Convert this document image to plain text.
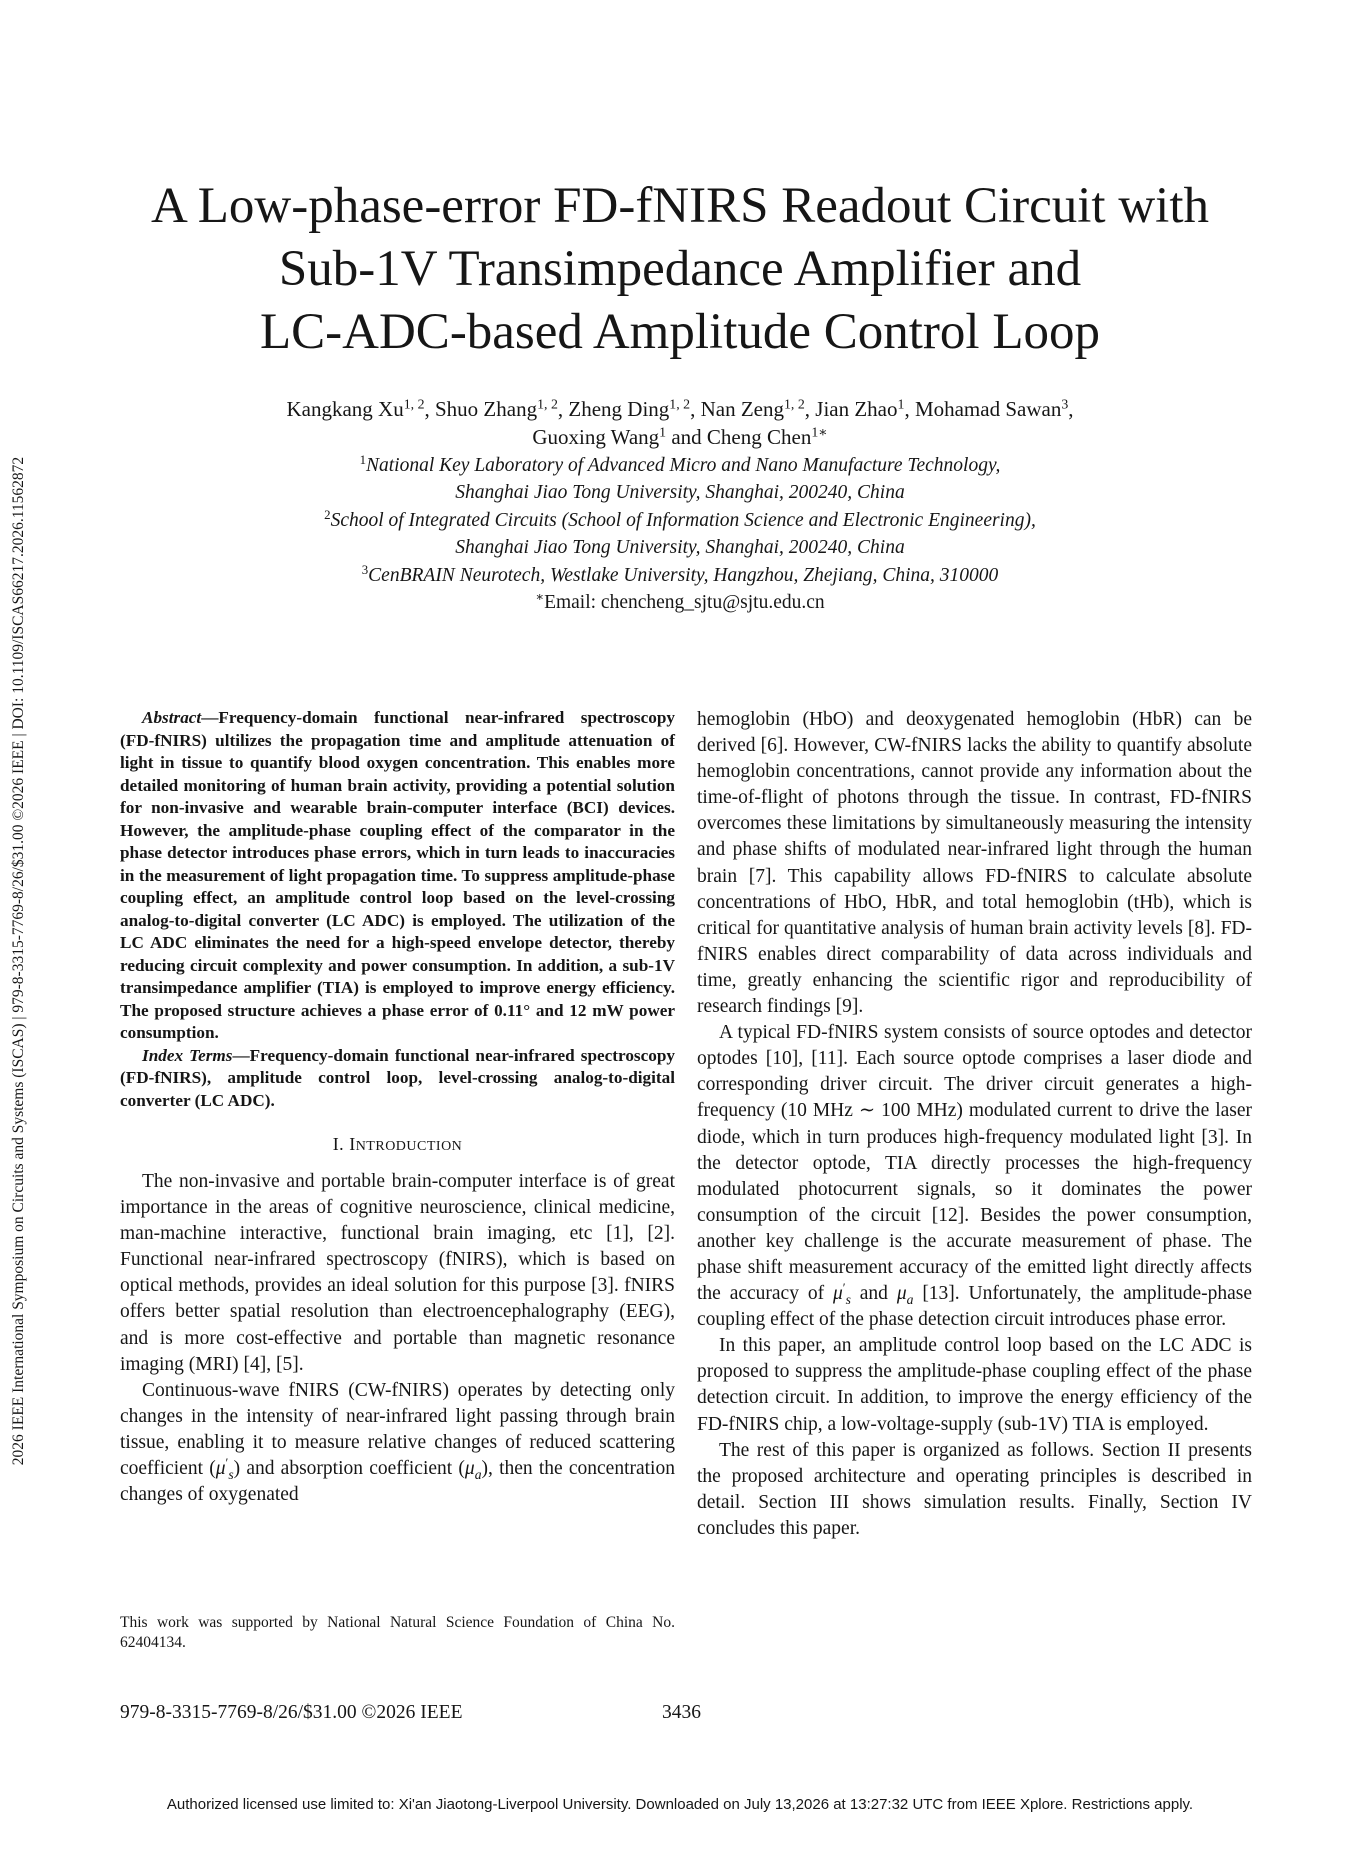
2026 IEEE International Symposium on Circuits and Systems (ISCAS) | 979-8-3315-7769-8/26/$31.00 ©2026 IEEE | DOI: 10.1109/ISCAS66217.2026.11562872
A Low-phase-error FD-fNIRS Readout Circuit with
Sub-1V Transimpedance Amplifier and
LC-ADC-based Amplitude Control Loop
Kangkang Xu$^{1, 2}$, Shuo Zhang$^{1, 2}$, Zheng Ding$^{1, 2}$, Nan Zeng$^{1, 2}$, Jian Zhao$^1$, Mohamad Sawan$^3$,
Guoxing Wang$^1$ and Cheng Chen$^{1∗}$
$^1$National Key Laboratory of Advanced Micro and Nano Manufacture Technology,
Shanghai Jiao Tong University, Shanghai, 200240, China
$^2$School of Integrated Circuits (School of Information Science and Electronic Engineering),
Shanghai Jiao Tong University, Shanghai, 200240, China
$^3$CenBRAIN Neurotech, Westlake University, Hangzhou, Zhejiang, China, 310000
∗Email: chencheng_sjtu@sjtu.edu.cn

Abstract—Frequency-domain functional near-infrared spectroscopy (FD-fNIRS) ultilizes the propagation time and amplitude attenuation of light in tissue to quantify blood oxygen concentration. This enables more detailed monitoring of human brain activity, providing a potential solution for non-invasive and wearable brain-computer interface (BCI) devices. However, the amplitude-phase coupling effect of the comparator in the phase detector introduces phase errors, which in turn leads to inaccuracies in the measurement of light propagation time. To suppress amplitude-phase coupling effect, an amplitude control loop based on the level-crossing analog-to-digital converter (LC ADC) is employed. The utilization of the LC ADC eliminates the need for a high-speed envelope detector, thereby reducing circuit complexity and power consumption. In addition, a sub-1V transimpedance amplifier (TIA) is employed to improve energy efficiency. The proposed structure achieves a phase error of 0.11° and 12 mW power consumption.

Index Terms—Frequency-domain functional near-infrared spectroscopy (FD-fNIRS), amplitude control loop, level-crossing analog-to-digital converter (LC ADC).

I. INTRODUCTION

The non-invasive and portable brain-computer interface is of great importance in the areas of cognitive neuroscience, clinical medicine, man-machine interactive, functional brain imaging, etc [1], [2]. Functional near-infrared spectroscopy (fNIRS), which is based on optical methods, provides an ideal solution for this purpose [3]. fNIRS offers better spatial resolution than electroencephalography (EEG), and is more cost-effective and portable than magnetic resonance imaging (MRI) [4], [5].

Continuous-wave fNIRS (CW-fNIRS) operates by detecting only changes in the intensity of near-infrared light passing through brain tissue, enabling it to measure relative changes of reduced scattering coefficient $(\mu'_s)$ and absorption coefficient $(\mu_a)$, then the concentration changes of oxygenated

This work was supported by National Natural Science Foundation of China No. 62404134.

hemoglobin (HbO) and deoxygenated hemoglobin (HbR) can be derived [6]. However, CW-fNIRS lacks the ability to quantify absolute hemoglobin concentrations, cannot provide any information about the time-of-flight of photons through the tissue. In contrast, FD-fNIRS overcomes these limitations by simultaneously measuring the intensity and phase shifts of modulated near-infrared light through the human brain [7]. This capability allows FD-fNIRS to calculate absolute concentrations of HbO, HbR, and total hemoglobin (tHb), which is critical for quantitative analysis of human brain activity levels [8]. FD-fNIRS enables direct comparability of data across individuals and time, greatly enhancing the scientific rigor and reproducibility of research findings [9].

A typical FD-fNIRS system consists of source optodes and detector optodes [10], [11]. Each source optode comprises a laser diode and corresponding driver circuit. The driver circuit generates a high-frequency (10 MHz ∼ 100 MHz) modulated current to drive the laser diode, which in turn produces high-frequency modulated light [3]. In the detector optode, TIA directly processes the high-frequency modulated photocurrent signals, so it dominates the power consumption of the circuit [12]. Besides the power consumption, another key challenge is the accurate measurement of phase. The phase shift measurement accuracy of the emitted light directly affects the accuracy of $\mu'_s$ and $\mu_a$ [13]. Unfortunately, the amplitude-phase coupling effect of the phase detection circuit introduces phase error.

In this paper, an amplitude control loop based on the LC ADC is proposed to suppress the amplitude-phase coupling effect of the phase detection circuit. In addition, to improve the energy efficiency of the FD-fNIRS chip, a low-voltage-supply (sub-1V) TIA is employed.

The rest of this paper is organized as follows. Section II presents the proposed architecture and operating principles is described in detail. Section III shows simulation results. Finally, Section IV concludes this paper.

979-8-3315-7769-8/26/$31.00 ©2026 IEEE	3436
Authorized licensed use limited to: Xi'an Jiaotong-Liverpool University. Downloaded on July 13,2026 at 13:27:32 UTC from IEEE Xplore. Restrictions apply.
